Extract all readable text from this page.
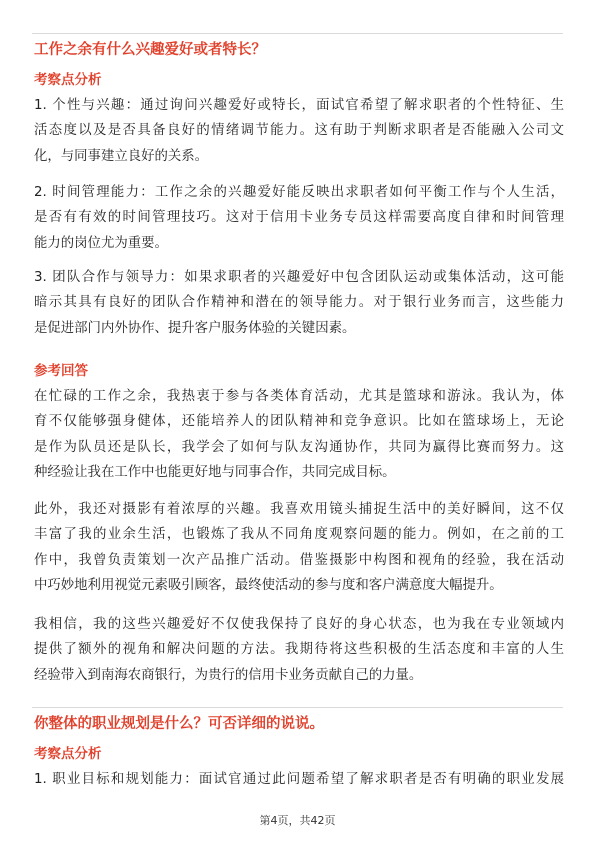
工作之余有什么兴趣爱好或者特长？
考察点分析
1. 个性与兴趣：通过询问兴趣爱好或特长，面试官希望了解求职者的个性特征、生
活态度以及是否具备良好的情绪调节能力。这有助于判断求职者是否能融入公司文
化，与同事建立良好的关系。
2. 时间管理能力：工作之余的兴趣爱好能反映出求职者如何平衡工作与个人生活，
是否有有效的时间管理技巧。这对于信用卡业务专员这样需要高度自律和时间管理
能力的岗位尤为重要。
3. 团队合作与领导力：如果求职者的兴趣爱好中包含团队运动或集体活动，这可能
暗示其具有良好的团队合作精神和潜在的领导能力。对于银行业务而言，这些能力
是促进部门内外协作、提升客户服务体验的关键因素。
参考回答
在忙碌的工作之余，我热衷于参与各类体育活动，尤其是篮球和游泳。我认为，体
育不仅能够强身健体，还能培养人的团队精神和竞争意识。比如在篮球场上，无论
是作为队员还是队长，我学会了如何与队友沟通协作，共同为赢得比赛而努力。这
种经验让我在工作中也能更好地与同事合作，共同完成目标。
此外，我还对摄影有着浓厚的兴趣。我喜欢用镜头捕捉生活中的美好瞬间，这不仅
丰富了我的业余生活，也锻炼了我从不同角度观察问题的能力。例如，在之前的工
作中，我曾负责策划一次产品推广活动。借鉴摄影中构图和视角的经验，我在活动
中巧妙地利用视觉元素吸引顾客，最终使活动的参与度和客户满意度大幅提升。
我相信，我的这些兴趣爱好不仅使我保持了良好的身心状态，也为我在专业领域内
提供了额外的视角和解决问题的方法。我期待将这些积极的生活态度和丰富的人生
经验带入到南海农商银行，为贵行的信用卡业务贡献自己的力量。
你整体的职业规划是什么？可否详细的说说。
考察点分析
1. 职业目标和规划能力：面试官通过此问题希望了解求职者是否有明确的职业发展
第4页，共42页
